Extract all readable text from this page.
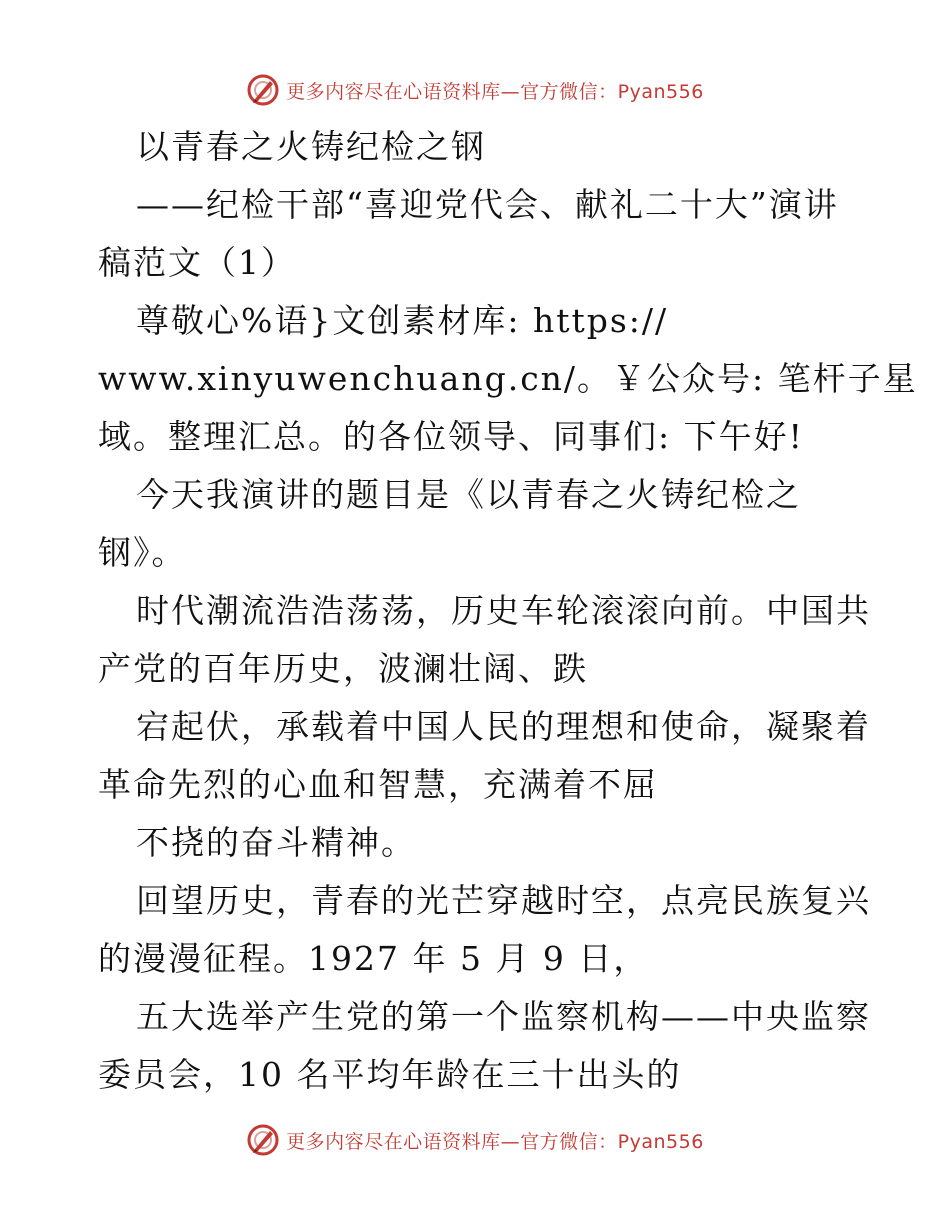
更多内容尽在心语资料库—官方微信：Pyan556
以青春之火铸纪检之钢
——纪检干部“喜迎党代会、献礼二十大”演讲
稿范文（1）
尊敬心%语}文创素材库: https://
www.xinyuwenchuang.cn/。￥公众号: 笔杆子星
域。整理汇总。的各位领导、同事们: 下午好!
今天我演讲的题目是《以青春之火铸纪检之
钢》。
时代潮流浩浩荡荡，历史车轮滚滚向前。中国共
产党的百年历史，波澜壮阔、跌
宕起伏，承载着中国人民的理想和使命，凝聚着
革命先烈的心血和智慧，充满着不屈
不挠的奋斗精神。
回望历史，青春的光芒穿越时空，点亮民族复兴
的漫漫征程。1927 年 5 月 9 日，
五大选举产生党的第一个监察机构——中央监察
委员会，10 名平均年龄在三十出头的
更多内容尽在心语资料库—官方微信：Pyan556
